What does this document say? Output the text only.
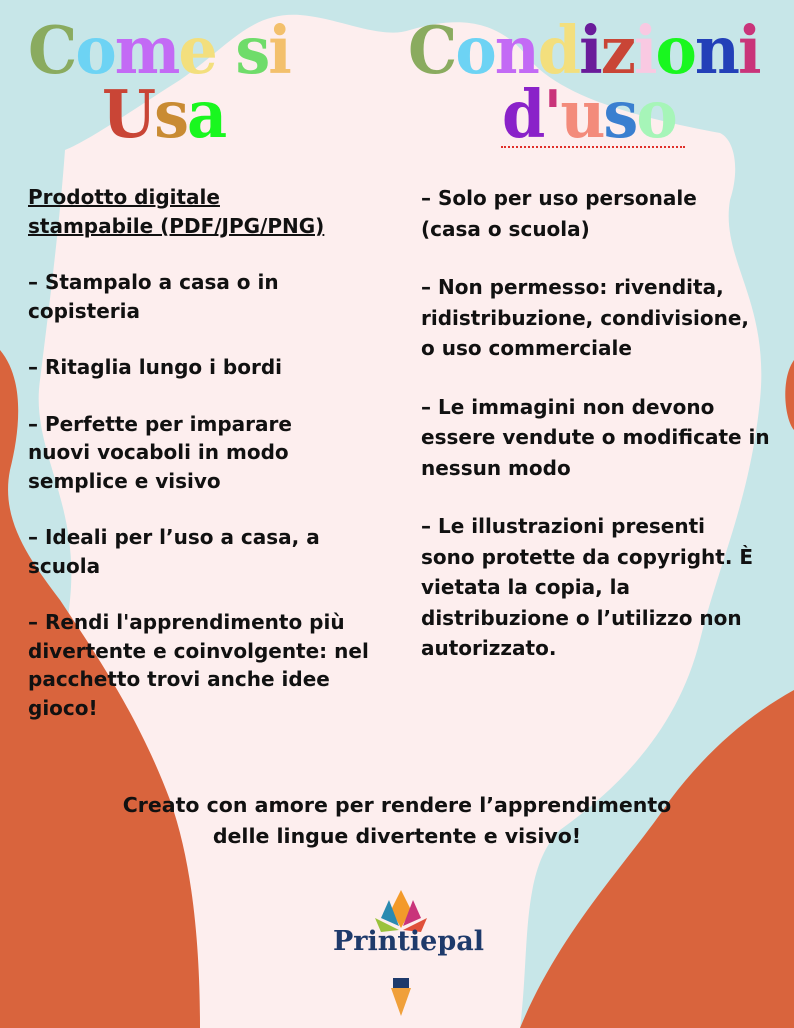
Come si
Usa
Condizioni
d'uso

Prodotto digitale
stampabile (PDF/JPG/PNG)

– Stampalo a casa o in copisteria

– Ritaglia lungo i bordi

– Perfette per imparare nuovi vocaboli in modo semplice e visivo

– Ideali per l’uso a casa, a scuola

– Rendi l'apprendimento più divertente e coinvolgente: nel pacchetto trovi anche idee gioco!

– Solo per uso personale (casa o scuola)

– Non permesso: rivendita, ridistribuzione, condivisione, o uso commerciale

– Le immagini non devono essere vendute o modificate in nessun modo

– Le illustrazioni presenti sono protette da copyright. È vietata la copia, la distribuzione o l’utilizzo non autorizzato.

Creato con amore per rendere l’apprendimento
delle lingue divertente e visivo!
Printiepal
